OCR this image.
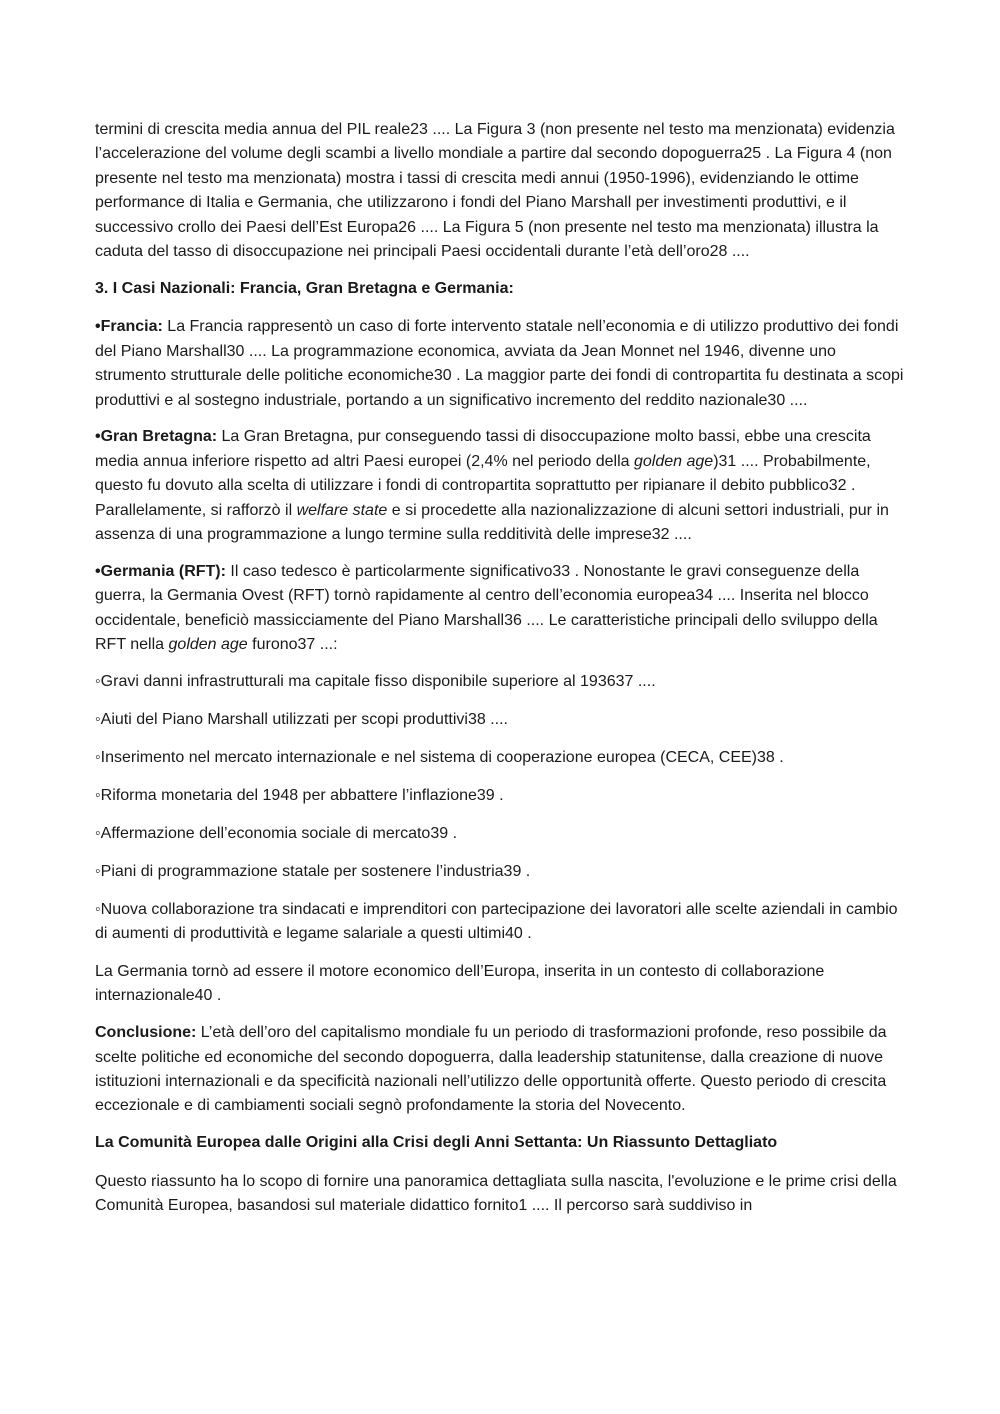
termini di crescita media annua del PIL reale23 .... La Figura 3 (non presente nel testo ma menzionata) evidenzia l’accelerazione del volume degli scambi a livello mondiale a partire dal secondo dopoguerra25 . La Figura 4 (non presente nel testo ma menzionata) mostra i tassi di crescita medi annui (1950-1996), evidenziando le ottime performance di Italia e Germania, che utilizzarono i fondi del Piano Marshall per investimenti produttivi, e il successivo crollo dei Paesi dell’Est Europa26 .... La Figura 5 (non presente nel testo ma menzionata) illustra la caduta del tasso di disoccupazione nei principali Paesi occidentali durante l’età dell’oro28 ....

3. I Casi Nazionali: Francia, Gran Bretagna e Germania:

•Francia: La Francia rappresentò un caso di forte intervento statale nell’economia e di utilizzo produttivo dei fondi del Piano Marshall30 .... La programmazione economica, avviata da Jean Monnet nel 1946, divenne uno strumento strutturale delle politiche economiche30 . La maggior parte dei fondi di contropartita fu destinata a scopi produttivi e al sostegno industriale, portando a un significativo incremento del reddito nazionale30 ....

•Gran Bretagna: La Gran Bretagna, pur conseguendo tassi di disoccupazione molto bassi, ebbe una crescita media annua inferiore rispetto ad altri Paesi europei (2,4% nel periodo della golden age)31 .... Probabilmente, questo fu dovuto alla scelta di utilizzare i fondi di contropartita soprattutto per ripianare il debito pubblico32 . Parallelamente, si rafforzò il welfare state e si procedette alla nazionalizzazione di alcuni settori industriali, pur in assenza di una programmazione a lungo termine sulla redditività delle imprese32 ....

•Germania (RFT): Il caso tedesco è particolarmente significativo33 . Nonostante le gravi conseguenze della guerra, la Germania Ovest (RFT) tornò rapidamente al centro dell’economia europea34 .... Inserita nel blocco occidentale, beneficiò massicciamente del Piano Marshall36 .... Le caratteristiche principali dello sviluppo della RFT nella golden age furono37 ...:

◦Gravi danni infrastrutturali ma capitale fisso disponibile superiore al 193637 ....

◦Aiuti del Piano Marshall utilizzati per scopi produttivi38 ....

◦Inserimento nel mercato internazionale e nel sistema di cooperazione europea (CECA, CEE)38 .

◦Riforma monetaria del 1948 per abbattere l’inflazione39 .

◦Affermazione dell’economia sociale di mercato39 .

◦Piani di programmazione statale per sostenere l’industria39 .

◦Nuova collaborazione tra sindacati e imprenditori con partecipazione dei lavoratori alle scelte aziendali in cambio di aumenti di produttività e legame salariale a questi ultimi40 .

La Germania tornò ad essere il motore economico dell’Europa, inserita in un contesto di collaborazione internazionale40 .

Conclusione: L’età dell’oro del capitalismo mondiale fu un periodo di trasformazioni profonde, reso possibile da scelte politiche ed economiche del secondo dopoguerra, dalla leadership statunitense, dalla creazione di nuove istituzioni internazionali e da specificità nazionali nell’utilizzo delle opportunità offerte. Questo periodo di crescita eccezionale e di cambiamenti sociali segnò profondamente la storia del Novecento.

La Comunità Europea dalle Origini alla Crisi degli Anni Settanta: Un Riassunto Dettagliato

Questo riassunto ha lo scopo di fornire una panoramica dettagliata sulla nascita, l'evoluzione e le prime crisi della Comunità Europea, basandosi sul materiale didattico fornito1 .... Il percorso sarà suddiviso in
